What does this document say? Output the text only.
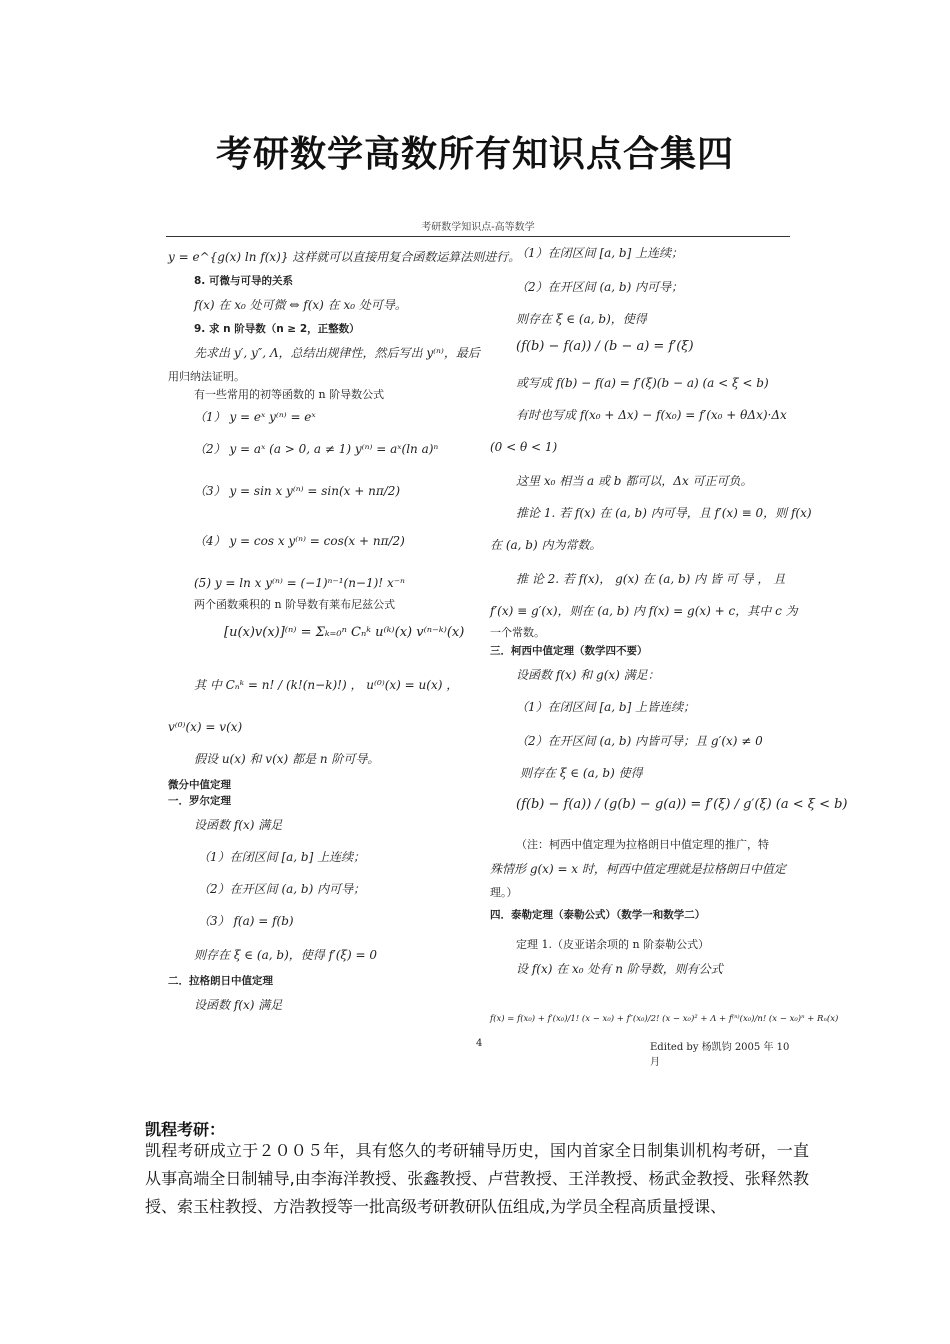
考研数学高数所有知识点合集四
考研数学知识点-高等数学
y = e^{g(x) ln f(x)} 这样就可以直接用复合函数运算法则进行。
8. 可微与可导的关系
f(x) 在 x₀ 处可微 ⇔ f(x) 在 x₀ 处可导。
9. 求 n 阶导数（n ≥ 2，正整数）
先求出 y′, y″, Λ，总结出规律性，然后写出 y⁽ⁿ⁾，最后
用归纳法证明。
有一些常用的初等函数的 n 阶导数公式
（1） y = eˣ y⁽ⁿ⁾ = eˣ
（2） y = aˣ (a > 0, a ≠ 1) y⁽ⁿ⁾ = aˣ(ln a)ⁿ
（3） y = sin x y⁽ⁿ⁾ = sin(x + nπ/2)
（4） y = cos x y⁽ⁿ⁾ = cos(x + nπ/2)
(5) y = ln x y⁽ⁿ⁾ = (−1)ⁿ⁻¹(n−1)! x⁻ⁿ
两个函数乘积的 n 阶导数有莱布尼兹公式
[u(x)v(x)]⁽ⁿ⁾ = Σₖ₌₀ⁿ Cₙᵏ u⁽ᵏ⁾(x) v⁽ⁿ⁻ᵏ⁾(x)
其 中 Cₙᵏ = n! / (k!(n−k)!) ， u⁽⁰⁾(x) = u(x) ，
v⁽⁰⁾(x) = v(x)
假设 u(x) 和 v(x) 都是 n 阶可导。
微分中值定理
一．罗尔定理
设函数 f(x) 满足
（1）在闭区间 [a, b] 上连续；
（2）在开区间 (a, b) 内可导；
（3） f(a) = f(b)
则存在 ξ ∈ (a, b)，使得 f′(ξ) = 0
二．拉格朗日中值定理
设函数 f(x) 满足
（1）在闭区间 [a, b] 上连续；
（2）在开区间 (a, b) 内可导；
则存在 ξ ∈ (a, b)，使得
(f(b) − f(a)) / (b − a) = f′(ξ)
或写成 f(b) − f(a) = f′(ξ)(b − a) (a < ξ < b)
有时也写成 f(x₀ + Δx) − f(x₀) = f′(x₀ + θΔx)·Δx
(0 < θ < 1)
这里 x₀ 相当 a 或 b 都可以，Δx 可正可负。
推论 1. 若 f(x) 在 (a, b) 内可导，且 f′(x) ≡ 0，则 f(x)
在 (a, b) 内为常数。
推 论 2. 若 f(x)， g(x) 在 (a, b) 内 皆 可 导 ， 且
f′(x) ≡ g′(x)，则在 (a, b) 内 f(x) = g(x) + c，其中 c 为
一个常数。
三．柯西中值定理（数学四不要）
设函数 f(x) 和 g(x) 满足：
（1）在闭区间 [a, b] 上皆连续；
（2）在开区间 (a, b) 内皆可导；且 g′(x) ≠ 0
则存在 ξ ∈ (a, b) 使得
(f(b) − f(a)) / (g(b) − g(a)) = f′(ξ) / g′(ξ) (a < ξ < b)
（注：柯西中值定理为拉格朗日中值定理的推广，特
殊情形 g(x) = x 时，柯西中值定理就是拉格朗日中值定
理。）
四．泰勒定理（泰勒公式）（数学一和数学二）
定理 1.（皮亚诺余项的 n 阶泰勒公式）
设 f(x) 在 x₀ 处有 n 阶导数，则有公式
f(x) = f(x₀) + f′(x₀)/1! (x − x₀) + f″(x₀)/2! (x − x₀)² + Λ + f⁽ⁿ⁾(x₀)/n! (x − x₀)ⁿ + Rₙ(x)
4	Edited by 杨凯钧 2005 年 10 月
凯程考研：
凯程考研成立于２００５年，具有悠久的考研辅导历史，国内首家全日制集训机构考研，一直从事高端全日制辅导,由李海洋教授、张鑫教授、卢营教授、王洋教授、杨武金教授、张释然教授、索玉柱教授、方浩教授等一批高级考研教研队伍组成,为学员全程高质量授课、
